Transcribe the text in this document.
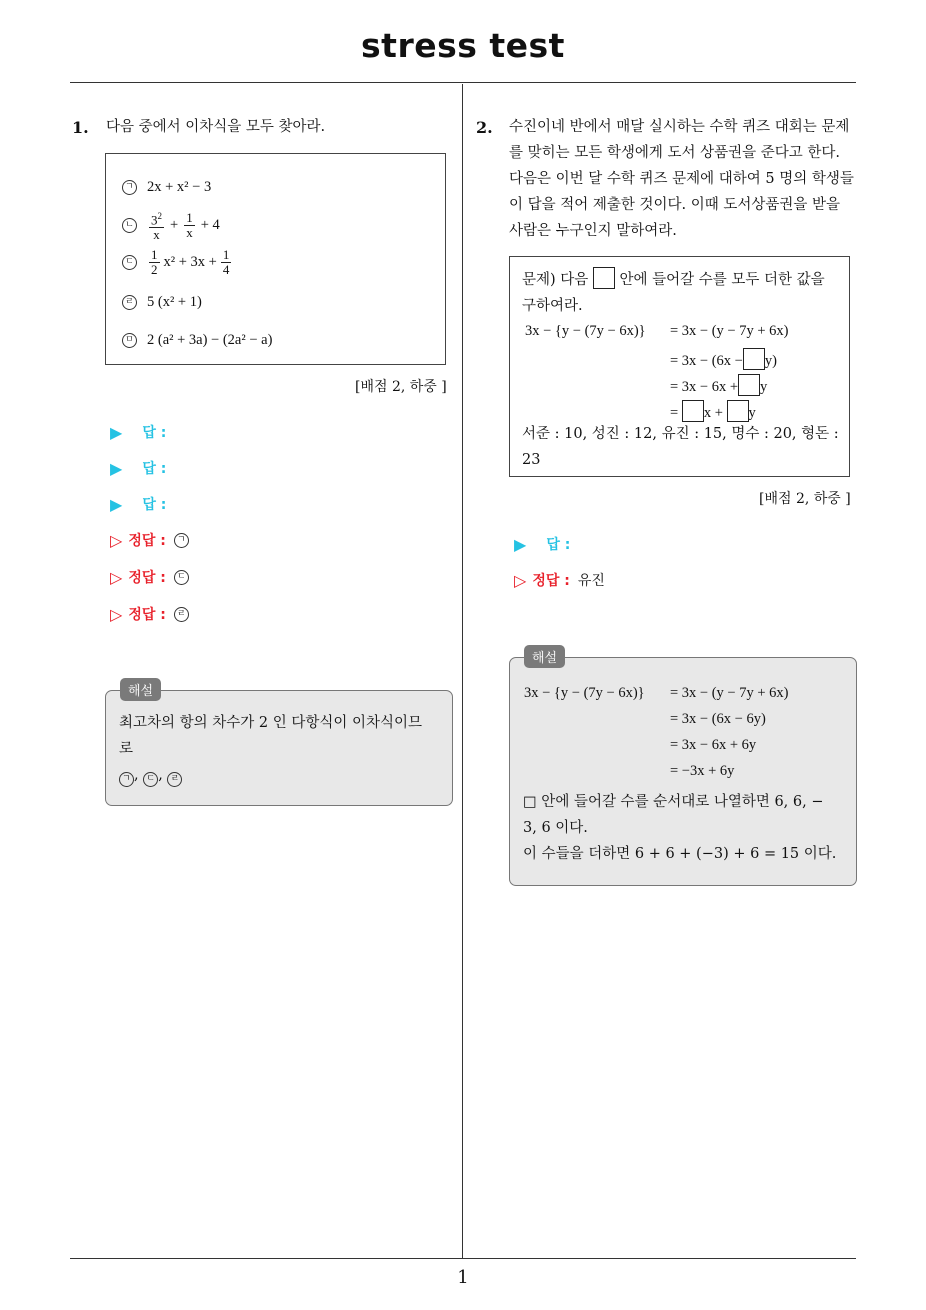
stress test
1
1. 다음 중에서 이차식을 모두 찾아라.
ㄱ 2x + x² − 3
ㄴ $\frac{3^2}{x} + \frac{1}{x} + 4$
ㄷ $\frac{1}{2} x^2 + 3x + \frac{1}{4}$
ㄹ 5 (x² + 1)
ㅁ 2 (a² + 3a) − (2a² − a)
[배점 2, 하중 ]
▶ 답 :
▶ 답 :
▶ 답 :
▷ 정답 :	ㄱ
▷ 정답 :	ㄷ
▷ 정답 :	ㄹ
해설
최고차의 항의 차수가 2 인 다항식이 이차식이므
로
ㄱ , ㄷ , ㄹ
2. 수진이네 반에서 매달 실시하는 수학 퀴즈 대회는 문제
를 맞히는 모든 학생에게 도서 상품권을 준다고 한다.
다음은 이번 달 수학 퀴즈 문제에 대하여 5 명의 학생들
이 답을 적어 제출한 것이다. 이때 도서상품권을 받을
사람은 누구인지 말하여라.
문제) 다음 안에 들어갈 수를 모두 더한 값을
구하여라.
3x − {y − (7y − 6x)} = 3x − (y − 7y + 6x)
= 3x − (6x − y)
= 3x − 6x + y
= x + y
서준 : 10, 성진 : 12, 유진 : 15, 명수 : 20, 형돈 :
23
[배점 2, 하중 ]
▶ 답 :
▷ 정답 : 유진
해설
3x − {y − (7y − 6x)} = 3x − (y − 7y + 6x)
= 3x − (6x − 6y)
= 3x − 6x + 6y
= −3x + 6y
□ 안에 들어갈 수를 순서대로 나열하면 6, 6, −
3, 6 이다.
이 수들을 더하면 6 + 6 + (−3) + 6 = 15 이다.
